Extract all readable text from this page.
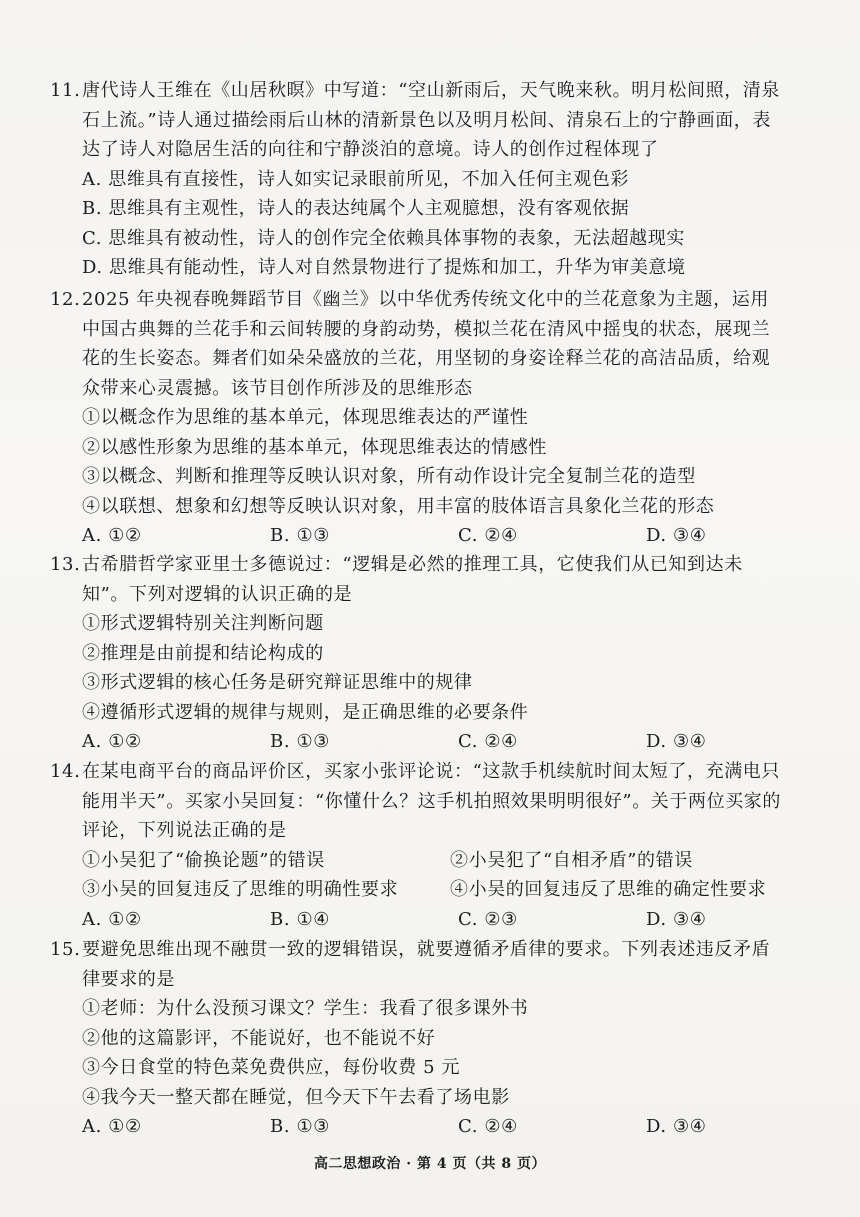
11.唐代诗人王维在《山居秋暝》中写道：“空山新雨后，天气晚来秋。明月松间照，清泉石上流。”诗人通过描绘雨后山林的清新景色以及明月松间、清泉石上的宁静画面，表达了诗人对隐居生活的向往和宁静淡泊的意境。诗人的创作过程体现了

A. 思维具有直接性，诗人如实记录眼前所见，不加入任何主观色彩
B. 思维具有主观性，诗人的表达纯属个人主观臆想，没有客观依据
C. 思维具有被动性，诗人的创作完全依赖具体事物的表象，无法超越现实
D. 思维具有能动性，诗人对自然景物进行了提炼和加工，升华为审美意境

12.2025 年央视春晚舞蹈节目《幽兰》以中华优秀传统文化中的兰花意象为主题，运用中国古典舞的兰花手和云间转腰的身韵动势，模拟兰花在清风中摇曳的状态，展现兰花的生长姿态。舞者们如朵朵盛放的兰花，用坚韧的身姿诠释兰花的高洁品质，给观众带来心灵震撼。该节目创作所涉及的思维形态

①以概念作为思维的基本单元，体现思维表达的严谨性
②以感性形象为思维的基本单元，体现思维表达的情感性
③以概念、判断和推理等反映认识对象，所有动作设计完全复制兰花的造型
④以联想、想象和幻想等反映认识对象，用丰富的肢体语言具象化兰花的形态
A. ①②	B. ①③	C. ②④	D. ③④

13.古希腊哲学家亚里士多德说过：“逻辑是必然的推理工具，它使我们从已知到达未知”。下列对逻辑的认识正确的是

①形式逻辑特别关注判断问题
②推理是由前提和结论构成的
③形式逻辑的核心任务是研究辩证思维中的规律
④遵循形式逻辑的规律与规则，是正确思维的必要条件
A. ①②	B. ①③	C. ②④	D. ③④

14.在某电商平台的商品评价区，买家小张评论说：“这款手机续航时间太短了，充满电只能用半天”。买家小吴回复：“你懂什么？这手机拍照效果明明很好”。关于两位买家的评论，下列说法正确的是

①小吴犯了“偷换论题”的错误	②小吴犯了“自相矛盾”的错误
③小吴的回复违反了思维的明确性要求	④小吴的回复违反了思维的确定性要求
A. ①②	B. ①④	C. ②③	D. ③④

15.要避免思维出现不融贯一致的逻辑错误，就要遵循矛盾律的要求。下列表述违反矛盾律要求的是

①老师：为什么没预习课文？学生：我看了很多课外书
②他的这篇影评，不能说好，也不能说不好
③今日食堂的特色菜免费供应，每份收费 5 元
④我今天一整天都在睡觉，但今天下午去看了场电影
A. ①②	B. ①③	C. ②④	D. ③④
高二思想政治 · 第 4 页（共 8 页）
